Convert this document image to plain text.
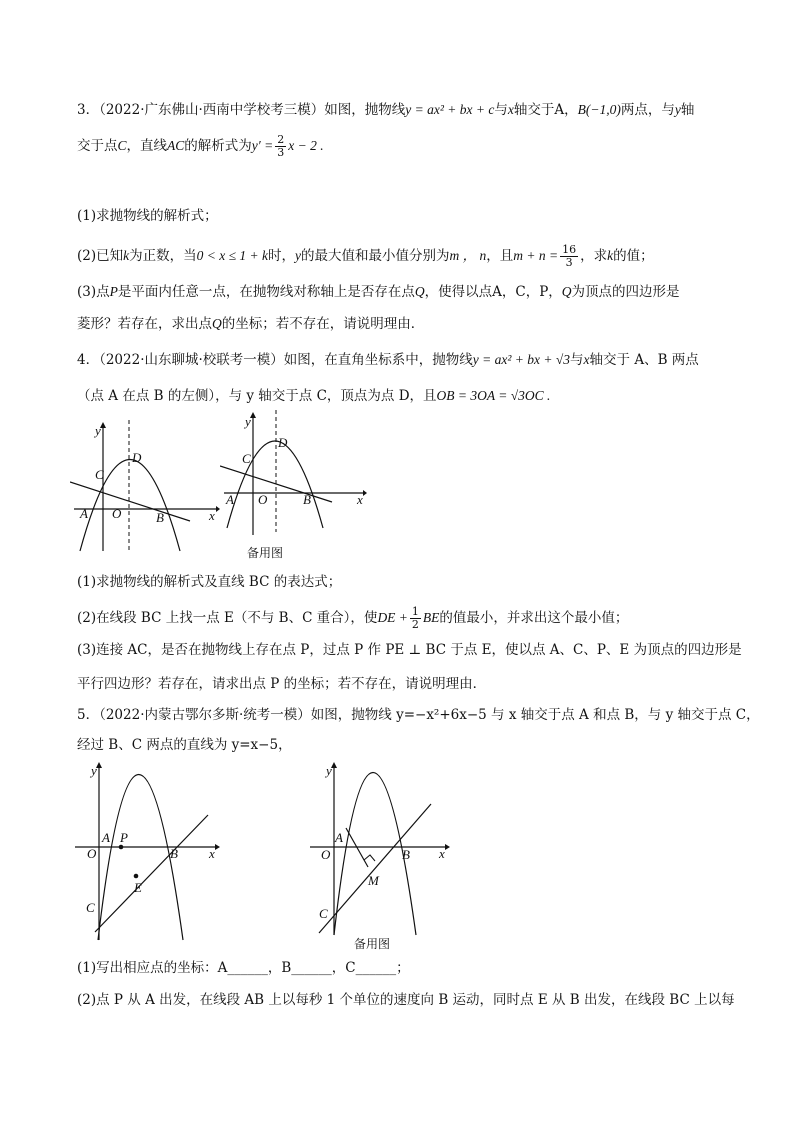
3．（2022·广东佛山·西南中学校考三模）如图，抛物线y = ax² + bx + c与x轴交于A，B(−1,0)两点，与y轴
交于点C，直线AC的解析式为$y' = \frac{2}{3}$ x − 2 .
(1)求抛物线的解析式；
(2)已知k为正数，当0 < x ≤ 1 + k时，y的最大值和最小值分别为m ， n，且$m + n = \frac{16}{3}$ ，求k的值；
(3)点P是平面内任意一点，在抛物线对称轴上是否存在点Q，使得以点A，C，P，Q为顶点的四边形是
菱形？若存在，求出点Q的坐标；若不存在，请说明理由．
4．（2022·山东聊城·校联考一模）如图，在直角坐标系中，抛物线y = ax² + bx + √3与x轴交于 A、B 两点
（点 A 在点 B 的左侧），与 y 轴交于点 C，顶点为点 D，且OB = 3OA = √3OC .
y
x
D
C
A O	B
y
x
D
C
A O	B
备用图
(1)求抛物线的解析式及直线 BC 的表达式；
(2)在线段 BC 上找一点 E（不与 B、C 重合），使DE + $\frac{1}{2}$ BE的值最小，并求出这个最小值；
(3)连接 AC，是否在抛物线上存在点 P，过点 P 作 PE ⊥ BC 于点 E，使以点 A、C、P、E 为顶点的四边形是
平行四边形？若存在，请求出点 P 的坐标；若不存在，请说明理由．
5．（2022·内蒙古鄂尔多斯·统考一模）如图，抛物线 y=−x²+6x−5 与 x 轴交于点 A 和点 B，与 y 轴交于点 C，
经过 B、C 两点的直线为 y=x−5，
y
x
A P
O	B
E
C
y
x
A
O	B
M
C
备用图
(1)写出相应点的坐标：A______，B______，C______；
(2)点 P 从 A 出发，在线段 AB 上以每秒 1 个单位的速度向 B 运动，同时点 E 从 B 出发，在线段 BC 上以每
